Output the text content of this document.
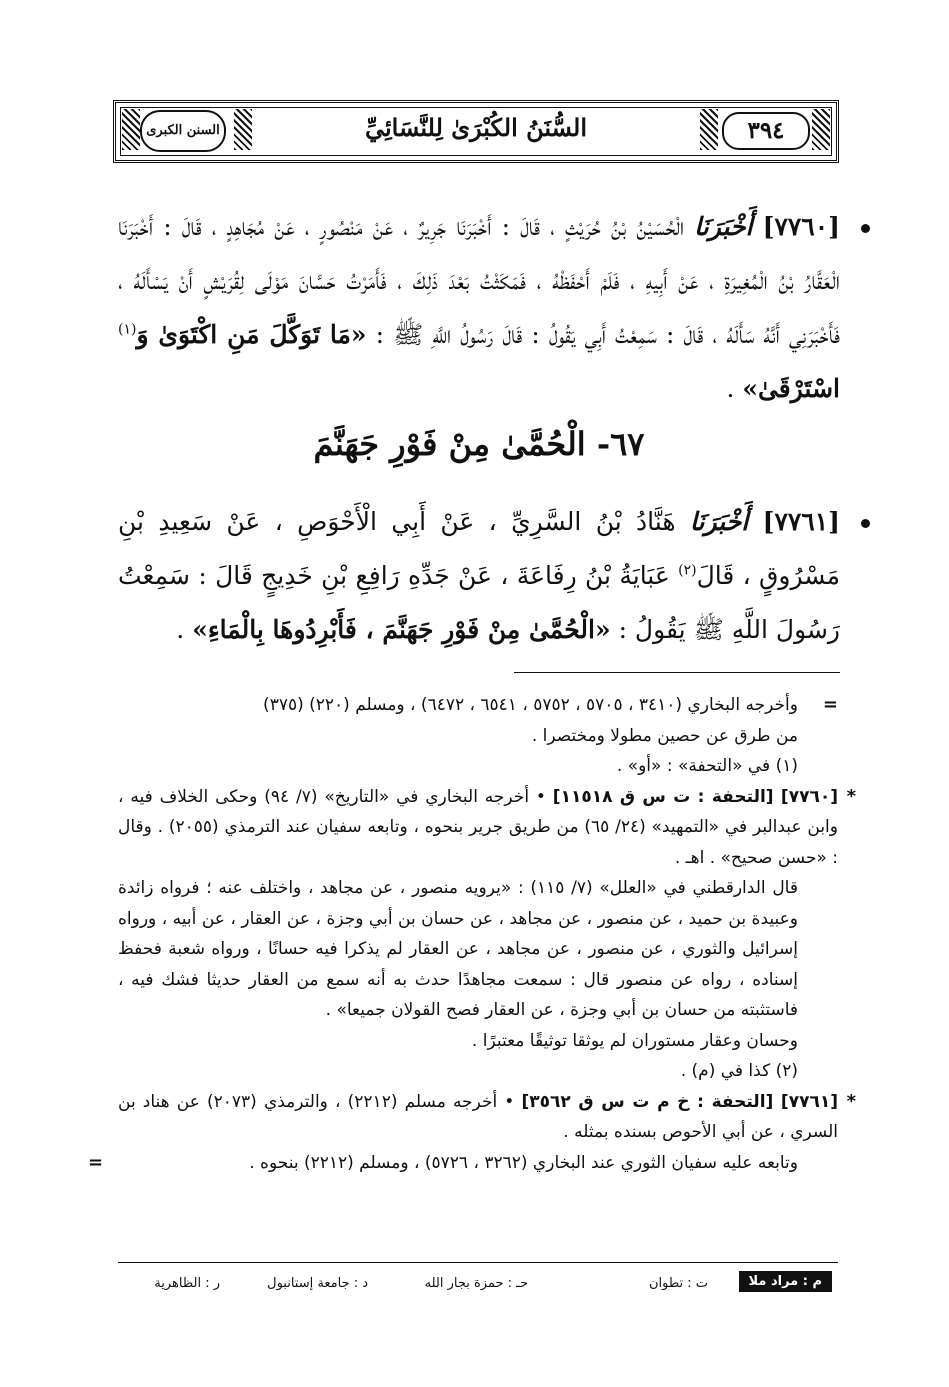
٣٩٤
السُّنَنُ الكُبْرَىٰ لِلنَّسَائِيِّ
السنن الكبرى
[٧٧٦٠] أَخْبَرَنَا الْحُسَيْنُ بْنُ حُرَيْثٍ ، قَالَ : أَخْبَرَنَا جَرِيرٌ ، عَنْ مَنْصُورٍ ، عَنْ مُجَاهِدٍ ، قَالَ : أَخْبَرَنَا الْعَقَّارُ بْنُ الْمُغِيرَةِ ، عَنْ أَبِيهِ ، فَلَمْ أَحْفَظْهُ ، فَمَكَثْتُ بَعْدَ ذَلِكَ ، فَأَمَرْتُ حَسَّانَ مَوْلَى لِقُرَيْشٍ أَنْ يَسْأَلَهُ ، فَأَخْبَرَنِي أَنَّهُ سَأَلَهُ ، قَالَ : سَمِعْتُ أَبِي يَقُولُ : قَالَ رَسُولُ اللَّهِ ﷺ : «مَا تَوَكَّلَ مَنِ اكْتَوَىٰ وَ$^{(١)}$ اسْتَرْقَىٰ» .
٦٧- الْحُمَّىٰ مِنْ فَوْرِ جَهَنَّمَ
[٧٧٦١] أَخْبَرَنَا هَنَّادُ بْنُ السَّرِيِّ ، عَنْ أَبِي الْأَحْوَصِ ، عَنْ سَعِيدِ بْنِ مَسْرُوقٍ ، قَالَ$^{(٢)}$ عَبَايَةُ بْنُ رِفَاعَةَ ، عَنْ جَدِّهِ رَافِعِ بْنِ خَدِيجٍ قَالَ : سَمِعْتُ رَسُولَ اللَّهِ ﷺ يَقُولُ : «الْحُمَّىٰ مِنْ فَوْرِ جَهَنَّمَ ، فَأَبْرِدُوهَا بِالْمَاءِ» .

=
وأخرجه البخاري (٣٤١٠ ، ٥٧٠٥ ، ٥٧٥٢ ، ٦٥٤١ ، ٦٤٧٢) ، ومسلم (٢٢٠) (٣٧٥)
من طرق عن حصين مطولا ومختصرا .

(١) في «التحفة» : «أو» .

*
[٧٧٦٠] [التحفة : ت س ق ١١٥١٨] • أخرجه البخاري في «التاريخ» (٧/ ٩٤) وحكى الخلاف فيه ، وابن عبدالبر في «التمهيد» (٢٤/ ٦٥) من طريق جرير بنحوه ، وتابعه سفيان عند الترمذي (٢٠٥٥) . وقال : «حسن صحيح» . اهـ .

قال الدارقطني في «العلل» (٧/ ١١٥) : «يرويه منصور ، عن مجاهد ، واختلف عنه ؛ فرواه زائدة وعبيدة بن حميد ، عن منصور ، عن مجاهد ، عن حسان بن أبي وجزة ، عن العقار ، عن أبيه ، ورواه إسرائيل والثوري ، عن منصور ، عن مجاهد ، عن العقار لم يذكرا فيه حسانًا ، ورواه شعبة فحفظ إسناده ، رواه عن منصور قال : سمعت مجاهدًا حدث به أنه سمع من العقار حديثا فشك فيه ، فاستثبته من حسان بن أبي وجزة ، عن العقار فصح القولان جميعا» .

وحسان وعقار مستوران لم يوثقا توثيقًا معتبرًا .

(٢) كذا في (م) .

*
[٧٧٦١] [التحفة : خ م ت س ق ٣٥٦٢] • أخرجه مسلم (٢٢١٢) ، والترمذي (٢٠٧٣) عن هناد بن السري ، عن أبي الأحوص بسنده بمثله .

وتابعه عليه سفيان الثوري عند البخاري (٣٢٦٢ ، ٥٧٢٦) ، ومسلم (٢٢١٢) بنحوه .
=

م : مراد ملا
ت : تطوان
حـ : حمزة بجار الله
د : جامعة إستانبول
ر : الظاهرية
